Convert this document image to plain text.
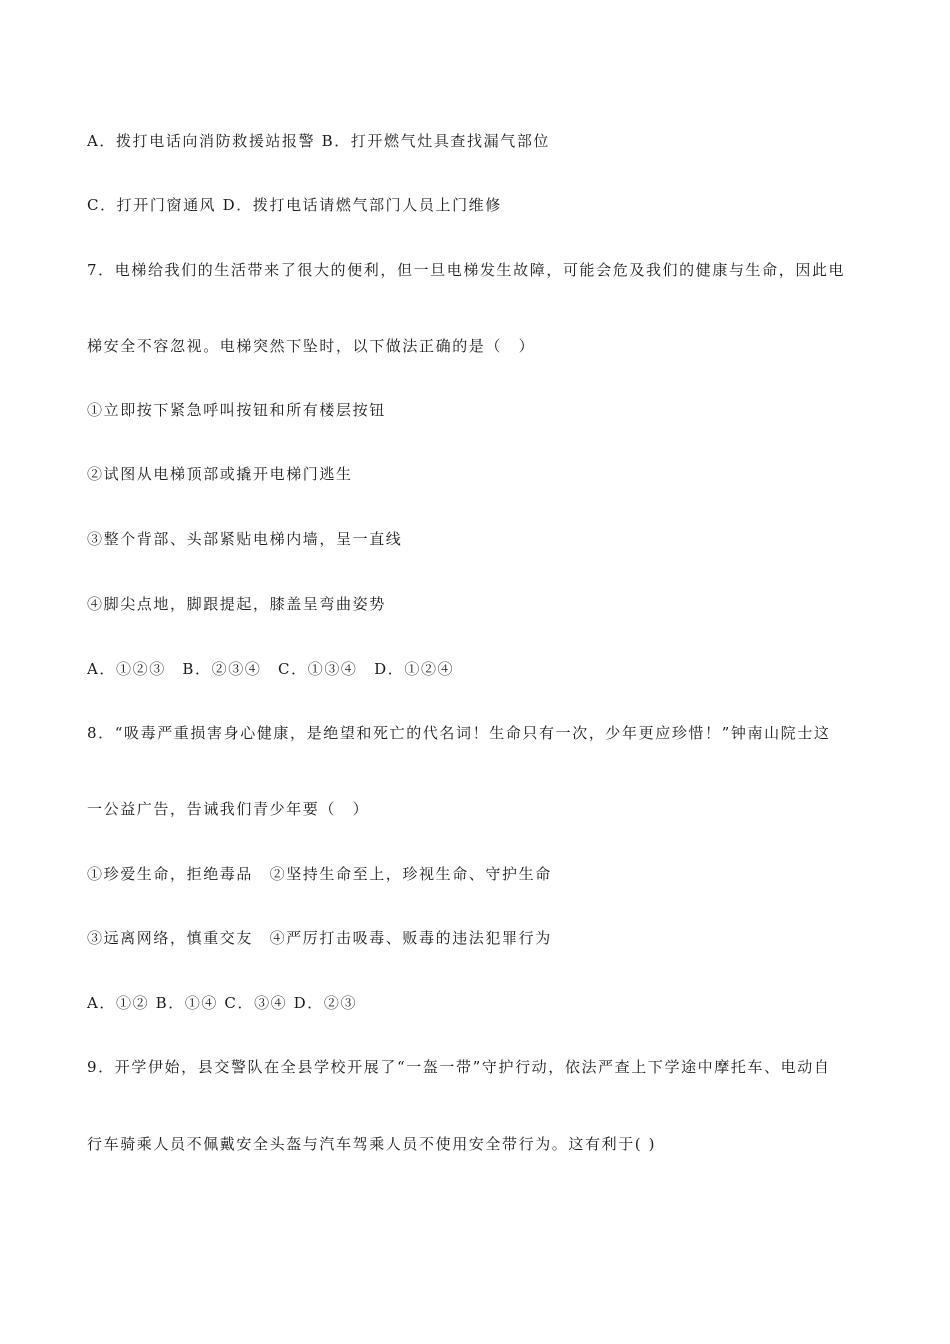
A．拨打电话向消防救援站报警 B．打开燃气灶具查找漏气部位
C．打开门窗通风 D．拨打电话请燃气部门人员上门维修
7．电梯给我们的生活带来了很大的便利，但一旦电梯发生故障，可能会危及我们的健康与生命，因此电
梯安全不容忽视。电梯突然下坠时，以下做法正确的是（　）
①立即按下紧急呼叫按钮和所有楼层按钮
②试图从电梯顶部或撬开电梯门逃生
③整个背部、头部紧贴电梯内墙，呈一直线
④脚尖点地，脚跟提起，膝盖呈弯曲姿势
A．①②③　B．②③④　C．①③④　D．①②④
8．“吸毒严重损害身心健康，是绝望和死亡的代名词！生命只有一次，少年更应珍惜！”钟南山院士这
一公益广告，告诫我们青少年要（　）
①珍爱生命，拒绝毒品　②坚持生命至上，珍视生命、守护生命
③远离网络，慎重交友　④严厉打击吸毒、贩毒的违法犯罪行为
A．①② B．①④ C．③④ D．②③
9．开学伊始，县交警队在全县学校开展了“一盔一带”守护行动，依法严查上下学途中摩托车、电动自
行车骑乘人员不佩戴安全头盔与汽车驾乘人员不使用安全带行为。这有利于( )
